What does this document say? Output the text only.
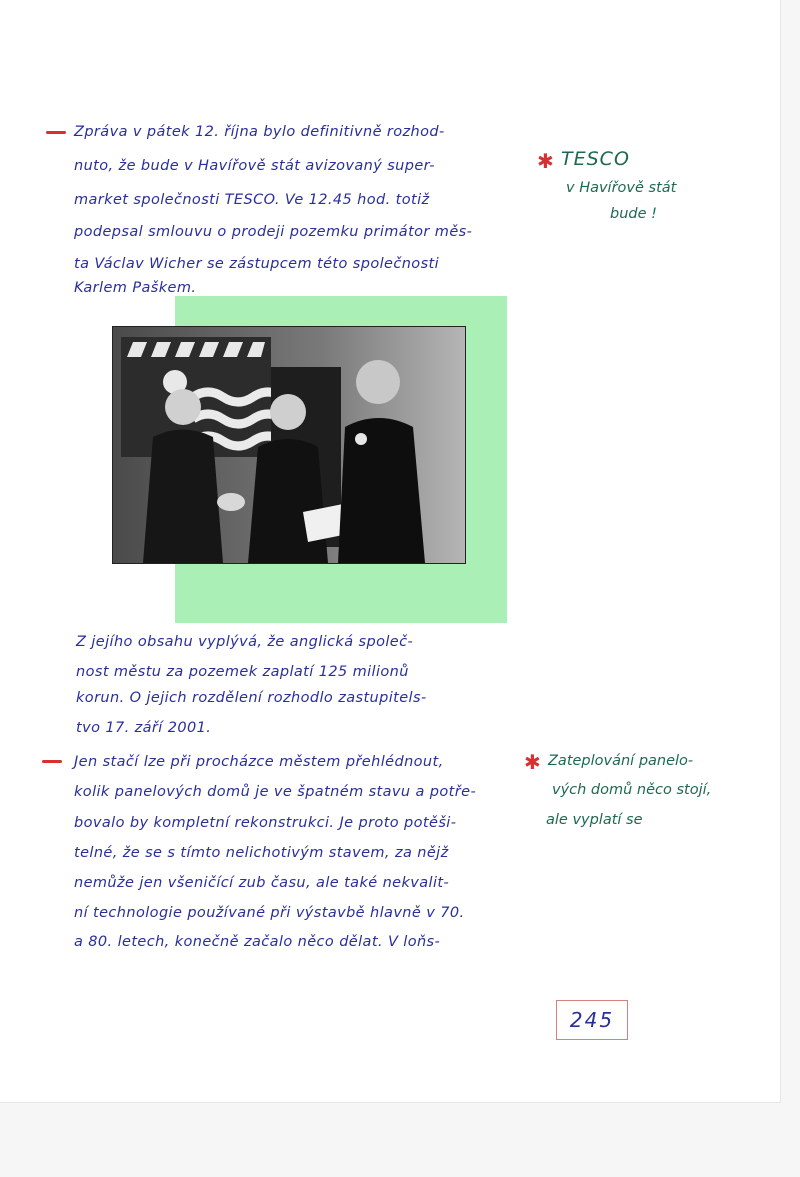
Zpráva v pátek 12. října bylo definitivně rozhod-
nuto, že bude v Havířově stát avizovaný super-
market společnosti TESCO. Ve 12.45 hod. totiž
podepsal smlouvu o prodeji pozemku primátor měs-
ta Václav Wicher se zástupcem této společnosti
Karlem Paškem.
✱ TESCO
v Havířově stát
bude !
Z jejího obsahu vyplývá, že anglická společ-
nost městu za pozemek zaplatí 125 milionů
korun. O jejich rozdělení rozhodlo zastupitels-
tvo 17. září 2001.
Jen stačí lze při procházce městem přehlédnout,
kolik panelových domů je ve špatném stavu a potře-
bovalo by kompletní rekonstrukci. Je proto potěši-
telné, že se s tímto nelichotivým stavem, za nějž
nemůže jen všeničící zub času, ale také nekvalit-
ní technologie používané při výstavbě hlavně v 70.
a 80. letech, konečně začalo něco dělat. V loňs-
✱ Zateplování panelo-
vých domů něco stojí,
ale vyplatí se
245
